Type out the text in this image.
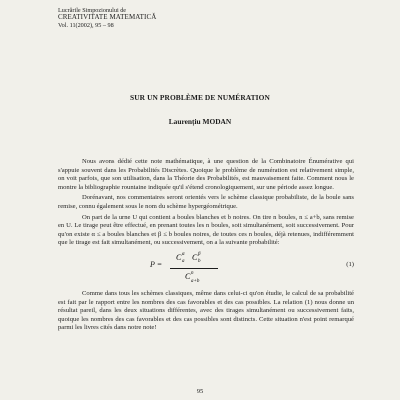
Lucrările Simpozionului de
CREATIVITATE MATEMATICĂ
Vol. 11(2002), 95 – 98
SUR UN PROBLÈME DE NUMÉRATION
Laurențiu MODAN

Nous avons dédié cette note mathématique, à une question de la Combinatoire Énumérative qui s'appuie souvent dans les Probabilités Discrètes. Quoique le problème de numération est relativement simple, on voit parfois, que son utilisation, dans la Théorie des Probabilités, est mauvaisement faite. Comment nous le montre la bibliographie rountaine indiquée qu'il s'étend cronologiquement, sur une période assez longue.

Dorénavant, nos commentaires seront orientés vers le schème classique probabiliste, de la boule sans remise, connu également sous le nom du schème hypergéométrique.

On part de la urne U qui contient a boules blanches et b noires. On tire n boules, n ≤ a+b, sans remise en U. Le tirage peut être effectué, en prenant toutes les n boules, soit simultanément, soit successivement. Pour qu'on existe α ≤ a boules blanches et β ≤ b boules noires, de toutes ces n boules, déjà retenues, indifféremment que le tirage est fait simultanément, ou successivement, on a la suivante probabilité:

P =
C α
a C β
b
C n
a+b
(1)

Comme dans tous les schèmes classiques, même dans celui-ci qu'on étudie, le calcul de sa probabilité est fait par le rapport entre les nombres des cas favorables et des cas possibles. La relation (1) nous donne un résultat pareil, dans les deux situations différentes, avec des tirages simultanément ou successivement faits, quoique les nombres des cas favorables et des cas possibles sont distincts. Cette situation n'est point remarqué parmi les livres cités dans notre note!

95
